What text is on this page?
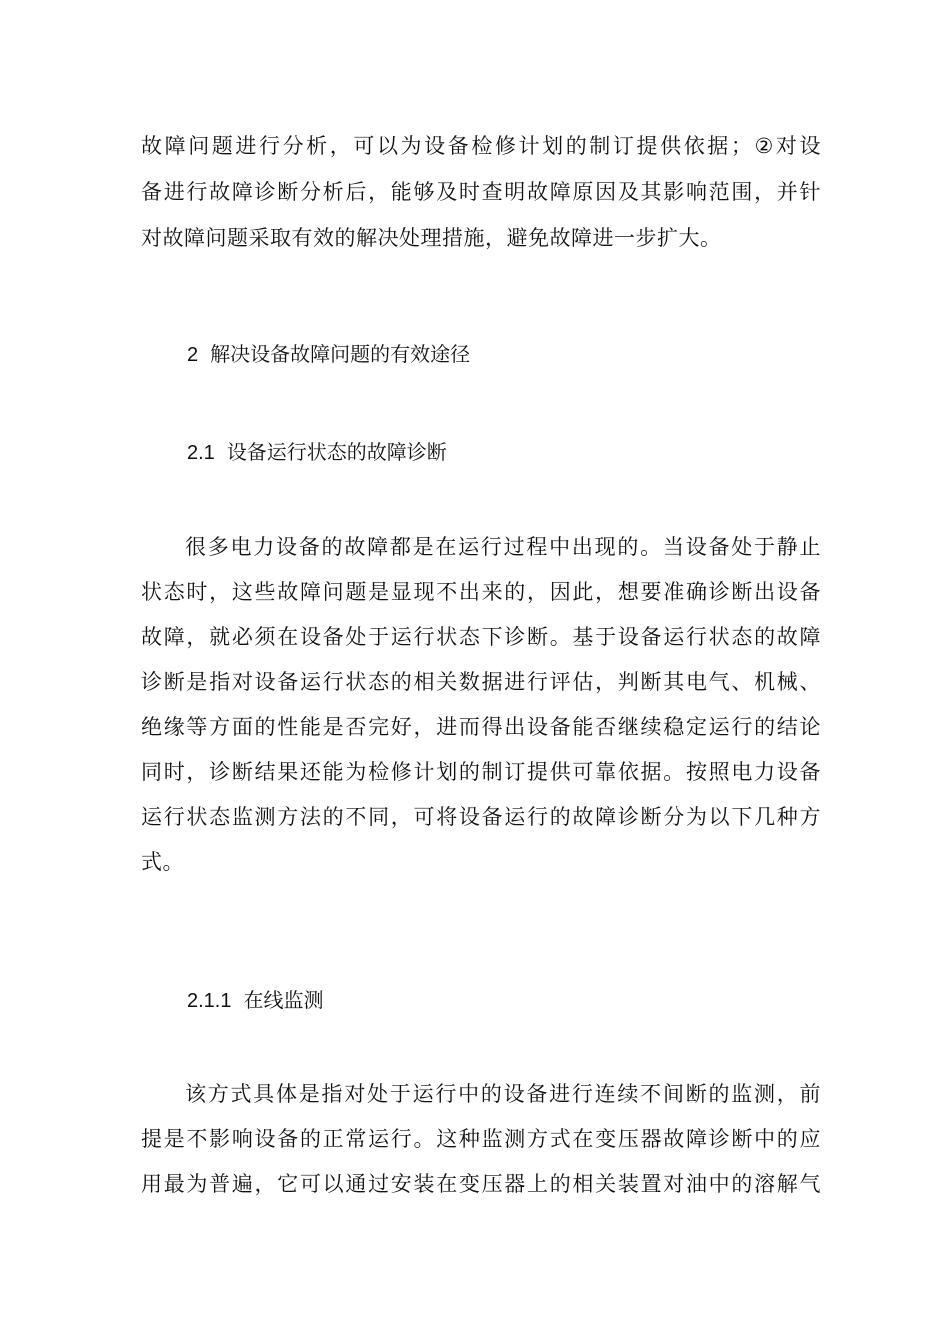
故障问题进行分析，可以为设备检修计划的制订提供依据；②对设
备进行故障诊断分析后，能够及时查明故障原因及其影响范围，并针
对故障问题采取有效的解决处理措施，避免故障进一步扩大。
2 解决设备故障问题的有效途径
2.1 设备运行状态的故障诊断
很多电力设备的故障都是在运行过程中出现的。当设备处于静止
状态时，这些故障问题是显现不出来的，因此，想要准确诊断出设备
故障，就必须在设备处于运行状态下诊断。基于设备运行状态的故障
诊断是指对设备运行状态的相关数据进行评估，判断其电气、机械、
绝缘等方面的性能是否完好，进而得出设备能否继续稳定运行的结论
同时，诊断结果还能为检修计划的制订提供可靠依据。按照电力设备
运行状态监测方法的不同，可将设备运行的故障诊断分为以下几种方
式。
2.1.1 在线监测
该方式具体是指对处于运行中的设备进行连续不间断的监测，前
提是不影响设备的正常运行。这种监测方式在变压器故障诊断中的应
用最为普遍，它可以通过安装在变压器上的相关装置对油中的溶解气
